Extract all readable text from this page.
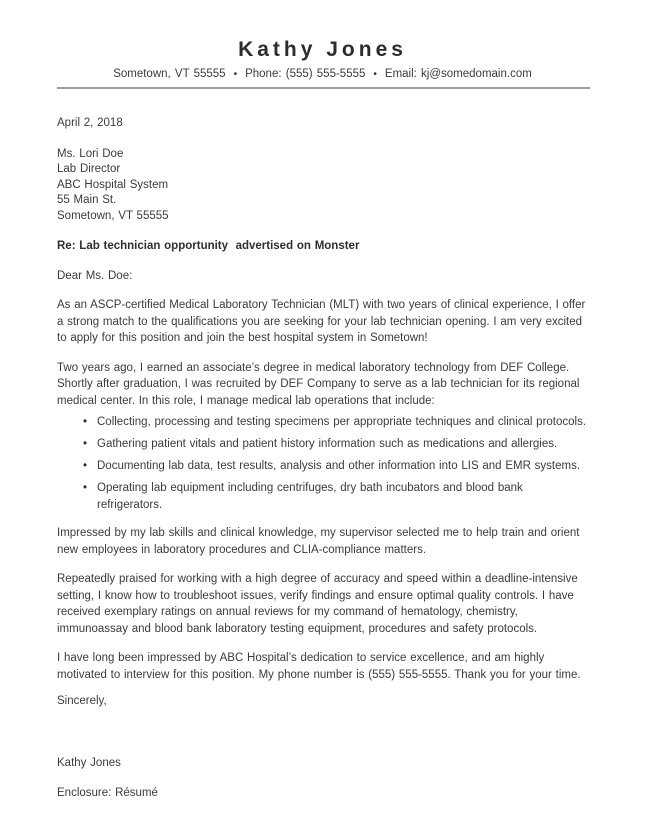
Kathy Jones
Sometown, VT 55555 • Phone: (555) 555-5555 • Email: kj@somedomain.com
April 2, 2018
Ms. Lori Doe
Lab Director
ABC Hospital System
55 Main St.
Sometown, VT 55555
Re: Lab technician opportunity  advertised on Monster
Dear Ms. Doe:

As an ASCP-certified Medical Laboratory Technician (MLT) with two years of clinical experience, I offer a strong match to the qualifications you are seeking for your lab technician opening. I am very excited to apply for this position and join the best hospital system in Sometown!

Two years ago, I earned an associate’s degree in medical laboratory technology from DEF College. Shortly after graduation, I was recruited by DEF Company to serve as a lab technician for its regional medical center. In this role, I manage medical lab operations that include:

• Collecting, processing and testing specimens per appropriate techniques and clinical protocols.
• Gathering patient vitals and patient history information such as medications and allergies.
• Documenting lab data, test results, analysis and other information into LIS and EMR systems.
• Operating lab equipment including centrifuges, dry bath incubators and blood bank refrigerators.

Impressed by my lab skills and clinical knowledge, my supervisor selected me to help train and orient new employees in laboratory procedures and CLIA-compliance matters.

Repeatedly praised for working with a high degree of accuracy and speed within a deadline-intensive setting, I know how to troubleshoot issues, verify findings and ensure optimal quality controls. I have received exemplary ratings on annual reviews for my command of hematology, chemistry, immunoassay and blood bank laboratory testing equipment, procedures and safety protocols.

I have long been impressed by ABC Hospital’s dedication to service excellence, and am highly motivated to interview for this position. My phone number is (555) 555-5555. Thank you for your time.

Sincerely,
Kathy Jones
Enclosure: Résumé
